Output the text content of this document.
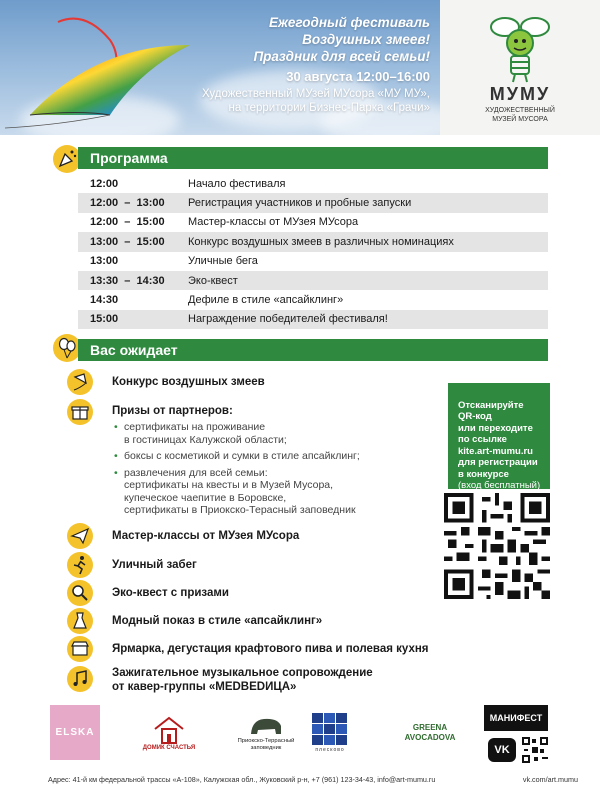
Ежегодный фестиваль
Воздушных змеев!
Праздник для всей семьи!
30 августа 12:00–16:00
Художественный МУзей МУсора «МУ МУ»,
на территории Бизнес-Парка «Грачи»
МУМУ
ХУДОЖЕСТВЕННЫЙ
МУЗЕЙ МУСОРА
Программа
12:00	Начало фестиваля
12:00  –  13:00	Регистрация участников и пробные запуски
12:00  –  15:00	Мастер-классы от МУзея МУсора
13:00  –  15:00	Конкурс воздушных змеев в различных номинациях
13:00	Уличные бега
13:30  –  14:30	Эко-квест
14:30	Дефиле в стиле «апсайклинг»
15:00	Награждение победителей фестиваля!
Вас ожидает
Конкурс воздушных змеев
Призы от партнеров:
• сертификаты на проживание
в гостиницах Калужской области;
• боксы с косметикой и сумки в стиле апсайклинг;
• развлечения для всей семьи:
сертификаты на квесты и в Музей Мусора,
купеческое чаепитие в Боровске,
сертификаты в Приокско-Терасный заповедник
Мастер-классы от МУзея МУсора
Уличный забег
Эко-квест с призами
Модный показ в стиле «апсайклинг»
Ярмарка, дегустация крафтового пива и полевая кухня
Зажигательное музыкальное сопровождение
от кавер-группы «MEDBEDИЦА»

Отсканируйте
QR-код
или переходите
по ссылке
kite.art-mumu.ru
для регистрации
в конкурсе

(вход бесплатный)

ELSKA
ДОМИК СЧАСТЬЯ
Приокско-Террасный
заповедник	плесково
GREENA
AVOCADOVA
МАНИФЕСТ
VK
Адрес: 41-й км федеральной трассы «А-108», Калужская обл., Жуковский р-н, +7 (961) 123-34-43, info@art-mumu.ru	vk.com/art.mumu
